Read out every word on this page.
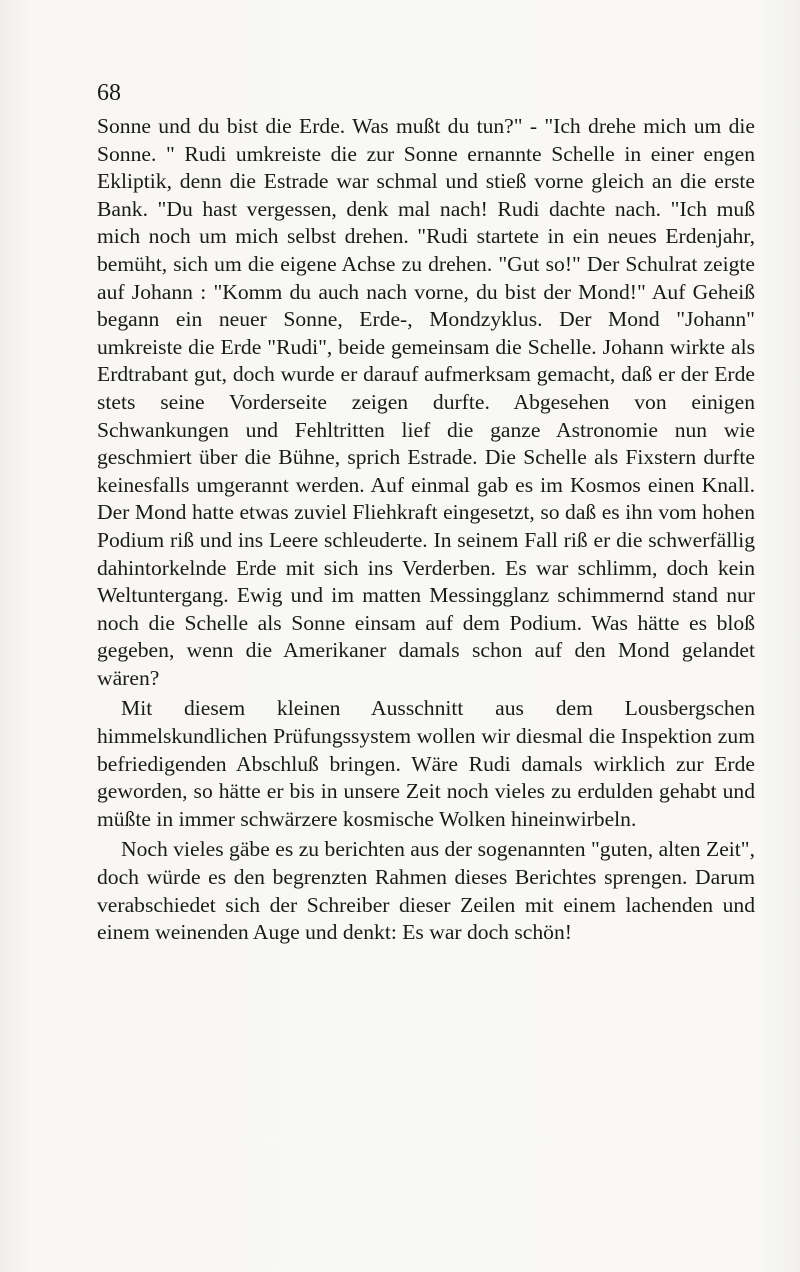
68

Sonne und du bist die Erde. Was mußt du tun?" - "Ich drehe mich um die Sonne. " Rudi umkreiste die zur Sonne ernannte Schelle in einer engen Ekliptik, denn die Estrade war schmal und stieß vorne gleich an die erste Bank. "Du hast vergessen, denk mal nach! Rudi dachte nach. "Ich muß mich noch um mich selbst drehen. "Rudi startete in ein neues Erdenjahr, bemüht, sich um die eigene Achse zu drehen. "Gut so!" Der Schulrat zeigte auf Johann : "Komm du auch nach vorne, du bist der Mond!" Auf Geheiß begann ein neuer Sonne, Erde-, Mondzyklus. Der Mond "Johann" umkreiste die Erde "Rudi", beide gemeinsam die Schelle. Johann wirkte als Erdtrabant gut, doch wurde er darauf aufmerksam gemacht, daß er der Erde stets seine Vorderseite zeigen durfte. Abgesehen von einigen Schwankungen und Fehltritten lief die ganze Astronomie nun wie geschmiert über die Bühne, sprich Estrade. Die Schelle als Fixstern durfte keinesfalls umgerannt werden. Auf einmal gab es im Kosmos einen Knall. Der Mond hatte etwas zuviel Fliehkraft eingesetzt, so daß es ihn vom hohen Podium riß und ins Leere schleuderte. In seinem Fall riß er die schwerfällig dahintorkelnde Erde mit sich ins Verderben. Es war schlimm, doch kein Weltuntergang. Ewig und im matten Messingglanz schimmernd stand nur noch die Schelle als Sonne einsam auf dem Podium. Was hätte es bloß gegeben, wenn die Amerikaner damals schon auf den Mond gelandet wären?

Mit diesem kleinen Ausschnitt aus dem Lousbergschen himmelskundlichen Prüfungssystem wollen wir diesmal die Inspektion zum befriedigenden Abschluß bringen. Wäre Rudi damals wirklich zur Erde geworden, so hätte er bis in unsere Zeit noch vieles zu erdulden gehabt und müßte in immer schwärzere kosmische Wolken hineinwirbeln.

Noch vieles gäbe es zu berichten aus der sogenannten "guten, alten Zeit", doch würde es den begrenzten Rahmen dieses Berichtes sprengen. Darum verabschiedet sich der Schreiber dieser Zeilen mit einem lachenden und einem weinenden Auge und denkt: Es war doch schön!
